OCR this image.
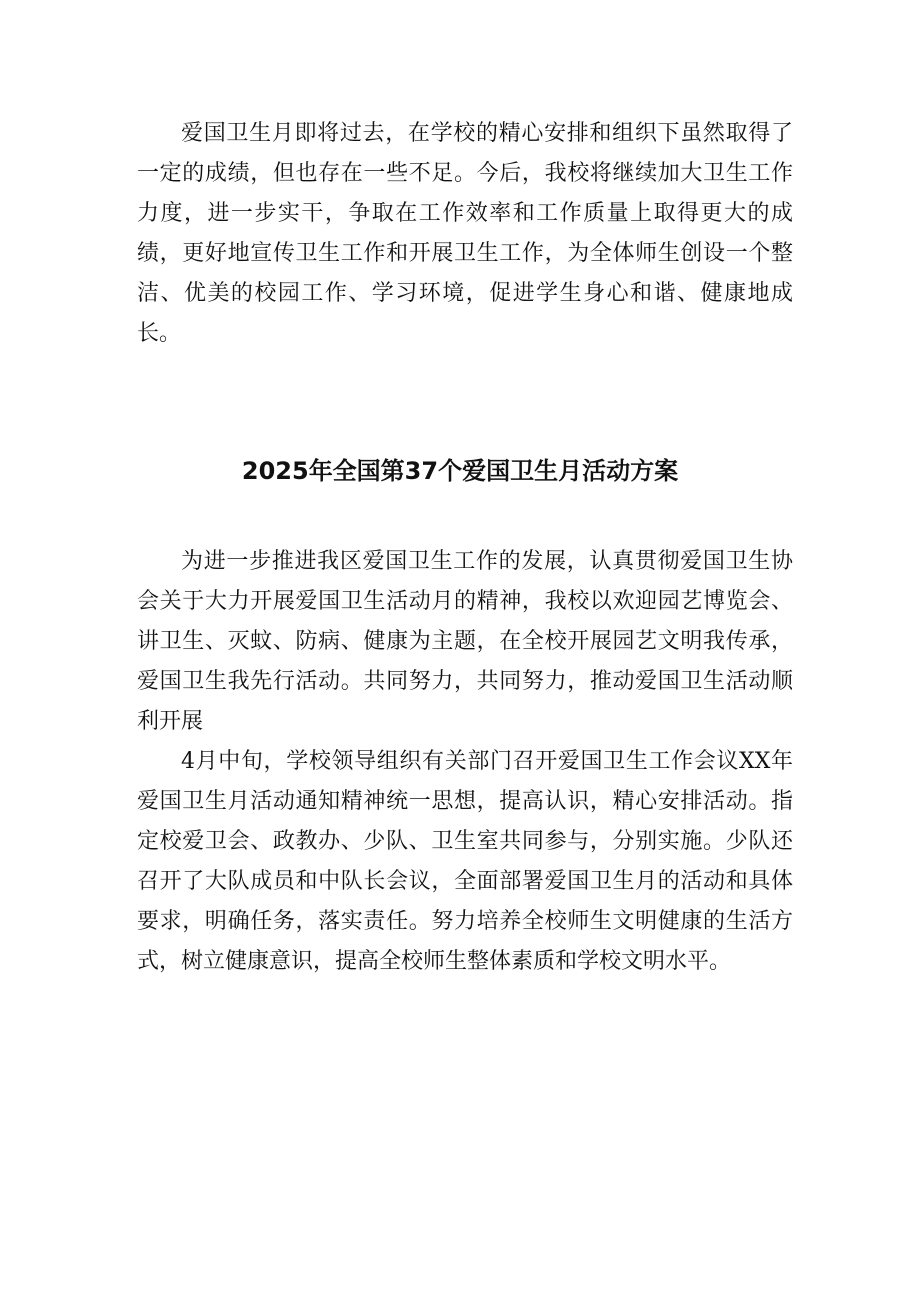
爱国卫生月即将过去，在学校的精心安排和组织下虽然取得了一定的成绩，但也存在一些不足。今后，我校将继续加大卫生工作力度，进一步实干，争取在工作效率和工作质量上取得更大的成绩，更好地宣传卫生工作和开展卫生工作，为全体师生创设一个整洁、优美的校园工作、学习环境，促进学生身心和谐、健康地成长。

2025年全国第37个爱国卫生月活动方案

为进一步推进我区爱国卫生工作的发展，认真贯彻爱国卫生协会关于大力开展爱国卫生活动月的精神，我校以欢迎园艺博览会、讲卫生、灭蚊、防病、健康为主题，在全校开展园艺文明我传承，爱国卫生我先行活动。共同努力，共同努力，推动爱国卫生活动顺利开展

4月中旬，学校领导组织有关部门召开爱国卫生工作会议XX年爱国卫生月活动通知精神统一思想，提高认识，精心安排活动。指定校爱卫会、政教办、少队、卫生室共同参与，分别实施。少队还召开了大队成员和中队长会议，全面部署爱国卫生月的活动和具体要求，明确任务，落实责任。努力培养全校师生文明健康的生活方式，树立健康意识，提高全校师生整体素质和学校文明水平。
